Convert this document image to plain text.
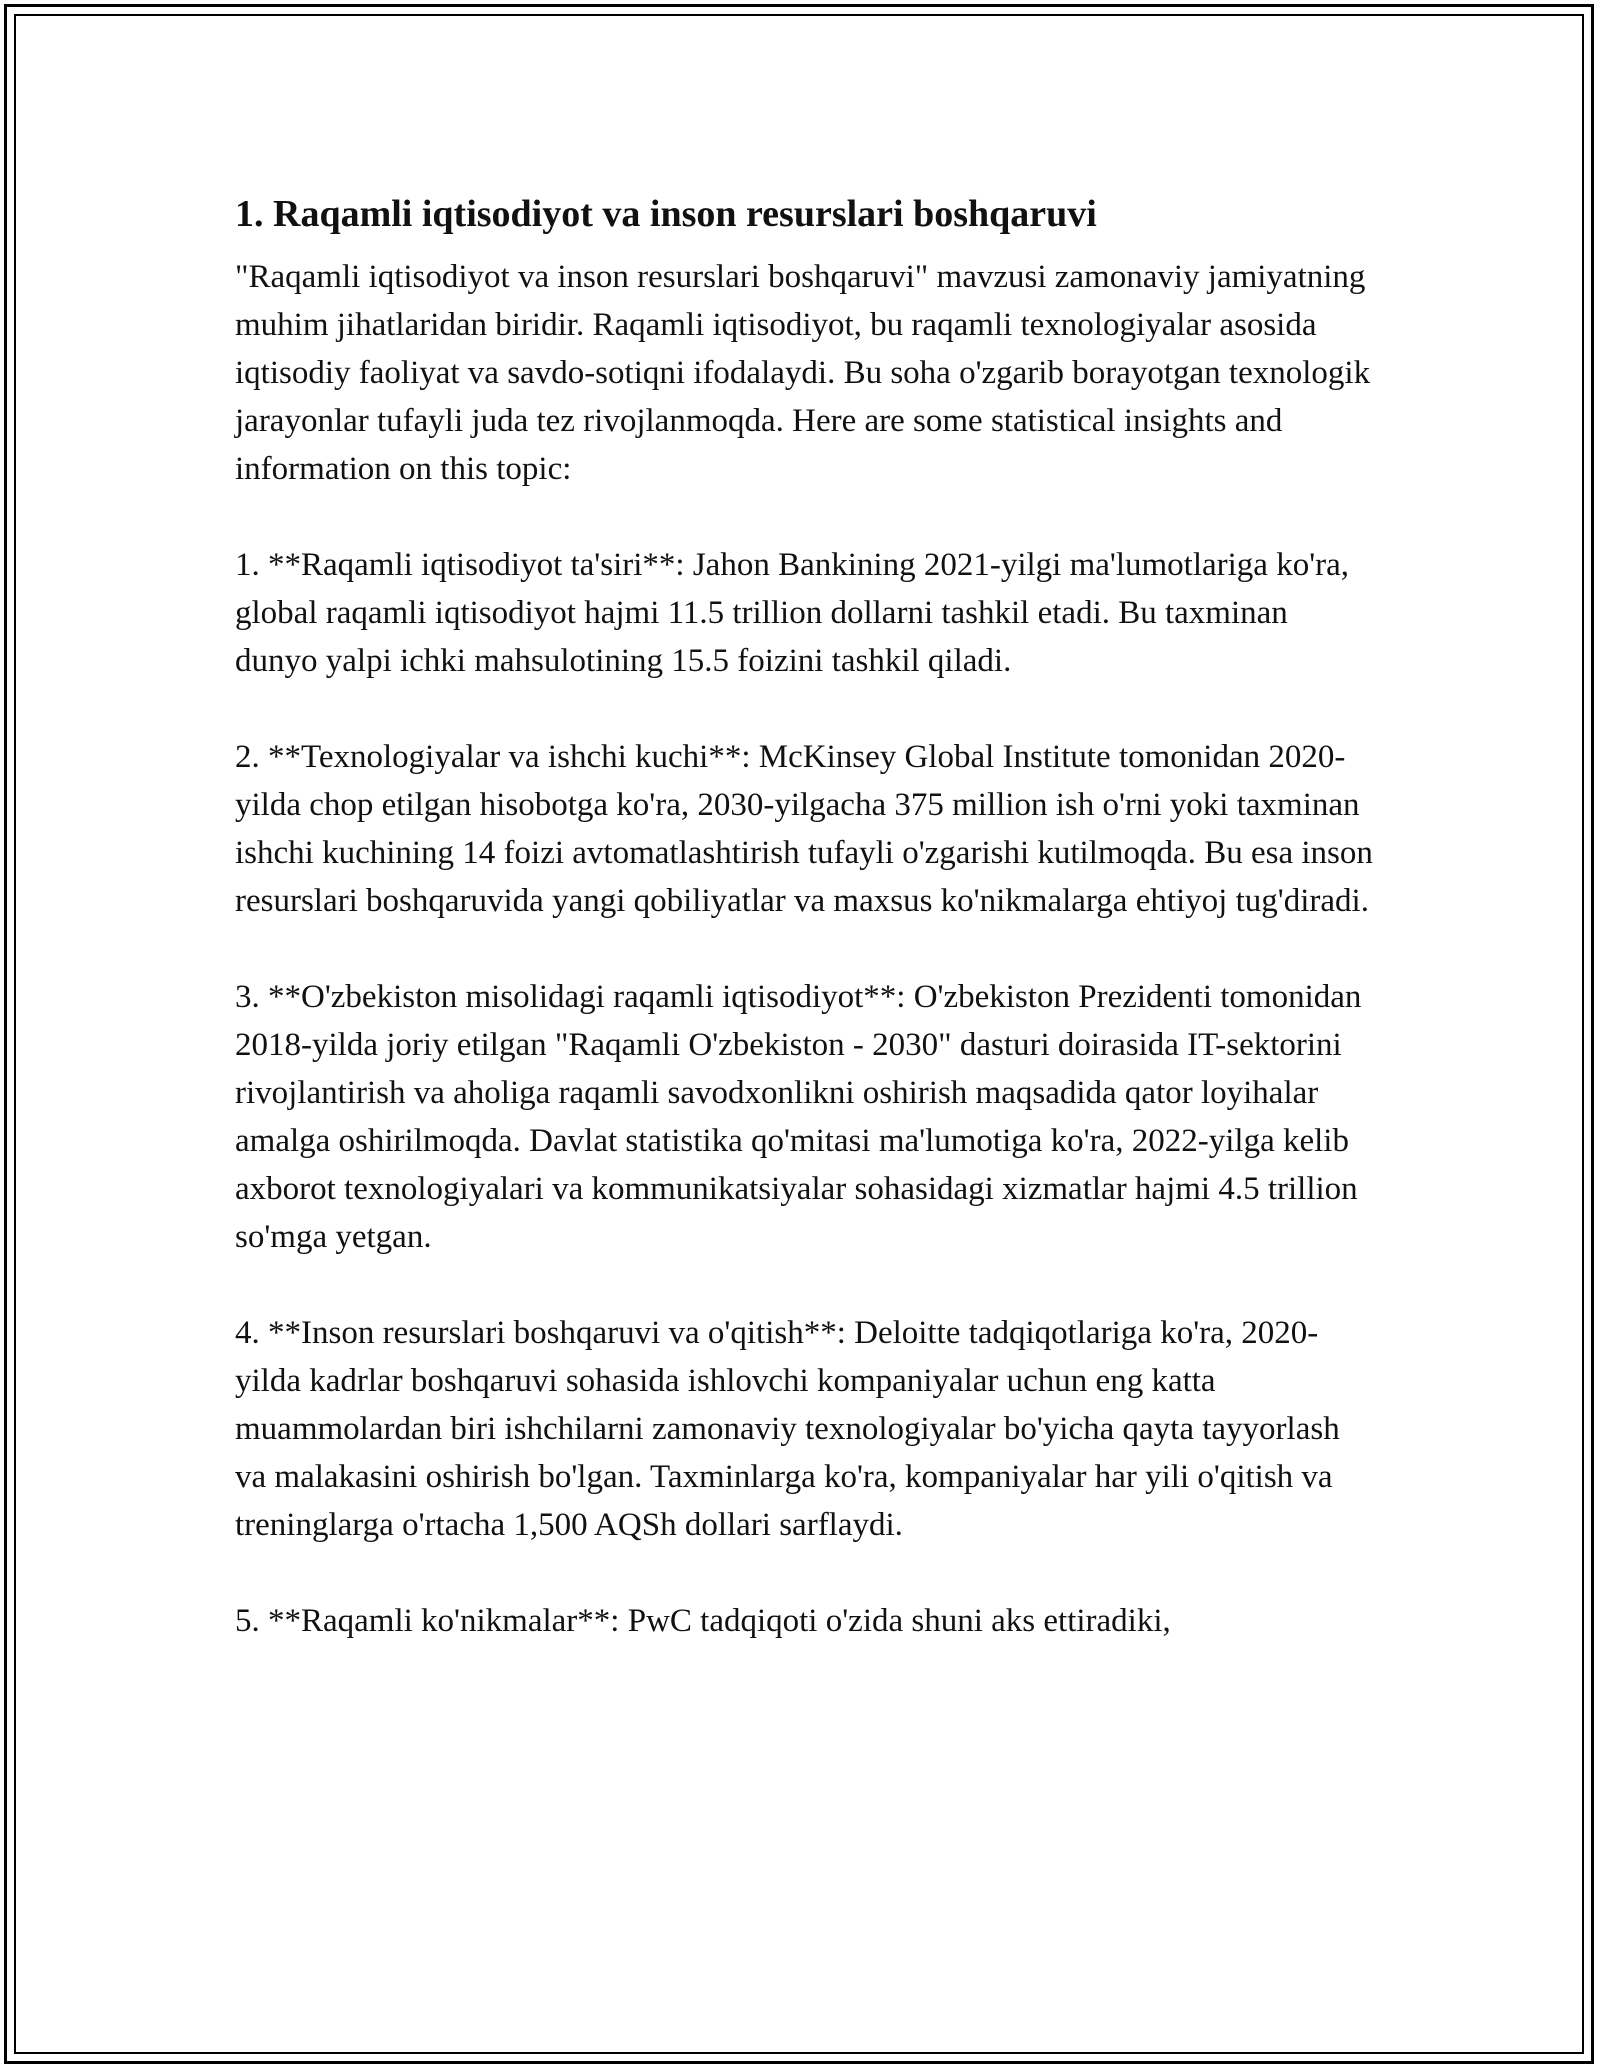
1. Raqamli iqtisodiyot va inson resurslari boshqaruvi

"Raqamli iqtisodiyot va inson resurslari boshqaruvi" mavzusi zamonaviy jamiyatning muhim jihatlaridan biridir. Raqamli iqtisodiyot, bu raqamli texnologiyalar asosida iqtisodiy faoliyat va savdo-sotiqni ifodalaydi. Bu soha o'zgarib borayotgan texnologik jarayonlar tufayli juda tez rivojlanmoqda. Here are some statistical insights and information on this topic:

1. **Raqamli iqtisodiyot ta'siri**: Jahon Bankining 2021-yilgi ma'lumotlariga ko'ra, global raqamli iqtisodiyot hajmi 11.5 trillion dollarni tashkil etadi. Bu taxminan dunyo yalpi ichki mahsulotining 15.5 foizini tashkil qiladi.

2. **Texnologiyalar va ishchi kuchi**: McKinsey Global Institute tomonidan 2020-yilda chop etilgan hisobotga ko'ra, 2030-yilgacha 375 million ish o'rni yoki taxminan ishchi kuchining 14 foizi avtomatlashtirish tufayli o'zgarishi kutilmoqda. Bu esa inson resurslari boshqaruvida yangi qobiliyatlar va maxsus ko'nikmalarga ehtiyoj tug'diradi.

3. **O'zbekiston misolidagi raqamli iqtisodiyot**: O'zbekiston Prezidenti tomonidan 2018-yilda joriy etilgan "Raqamli O'zbekiston - 2030" dasturi doirasida IT-sektorini rivojlantirish va aholiga raqamli savodxonlikni oshirish maqsadida qator loyihalar amalga oshirilmoqda. Davlat statistika qo'mitasi ma'lumotiga ko'ra, 2022-yilga kelib axborot texnologiyalari va kommunikatsiyalar sohasidagi xizmatlar hajmi 4.5 trillion so'mga yetgan.

4. **Inson resurslari boshqaruvi va o'qitish**: Deloitte tadqiqotlariga ko'ra, 2020-yilda kadrlar boshqaruvi sohasida ishlovchi kompaniyalar uchun eng katta muammolardan biri ishchilarni zamonaviy texnologiyalar bo'yicha qayta tayyorlash va malakasini oshirish bo'lgan. Taxminlarga ko'ra, kompaniyalar har yili o'qitish va treninglarga o'rtacha 1,500 AQSh dollari sarflaydi.

5. **Raqamli ko'nikmalar**: PwC tadqiqoti o'zida shuni aks ettiradiki,
